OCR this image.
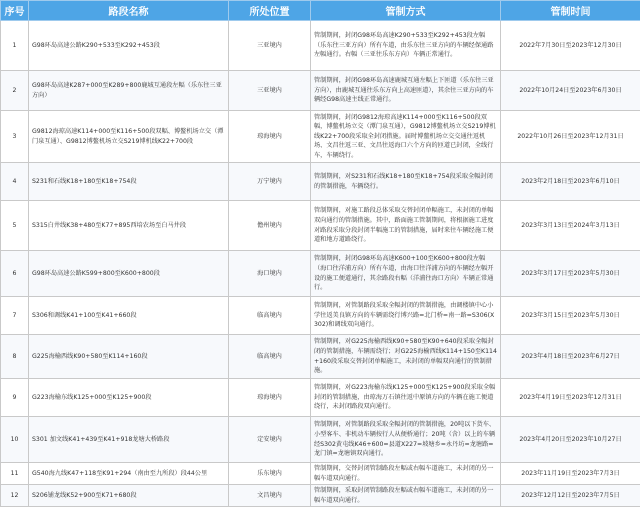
序号	路段名称	所处位置	管制方式	管制时间
1	G98环岛高速公路K290+533至K292+453段	三亚境内	管制期间，封闭G98环岛高速K290+533至K292+453段左幅（乐东往三亚方向）所有车道，由乐东往三亚方向的车辆经保通路左幅通行。右幅（三亚往乐东方向）车辆正常通行。	2022年7月30日至2023年12月30日
2	G98环岛高速K287+000至K289+800鹿城互通段左幅（乐东往三亚方向）	三亚境内	管制期间，封闭G98环岛高速鹿城互通左幅上下匝道（乐东往三亚方向），由鹿城互通往乐东方向上高速匝道），其余往三亚方向的车辆经G98高速主线正常通行。	2022年10月24日至2023年6月30日
3	G9812海琼高速K114+000至K116+500段双幅、博鳌机场立交（潭门泉互通）、G9812博鳌机场立交S219博机线K22+700段	琼海境内	管制期间，封闭G9812海琼高速K114+000至K116+500段双幅，博鳌机场立交（潭门泉互通），G9812博鳌机场立交S219博机线K22+700段采取全封闭措施。届时博鳌机场立交交通往返机场、文昌往返三亚、文昌往返海口六个方向的匝道已封闭，全线行车，车辆绕行。	2022年10月26日至2023年12月31日
4	S231和石线K18+180至K18+754段	万宁境内	管制期间，对S231和石线K18+180至K18+754段采取全幅封闭的管制措施，车辆绕行。	2023年2月18日至2023年6月10日
5	S315白井线K38+480至K77+895西培农场至白马井段	儋州境内	管制期间，对施工路段总体采取交替封闭单幅施工，未封闭的单幅双向通行的管制措施。其中，路面施工管制期间，将根据施工进度对路段采取分段封闭半幅施工的管制措施，届时来往车辆经施工便道和地方道路绕行。	2023年3月13日至2024年3月13日
6	G98环岛高速公路K599+800至K600+800段	海口境内	管制期间，封闭G98环岛高速K600+100至K600+800段左幅（海口往洋浦方向）所有车道，由海口往洋浦方向的车辆经左幅开设的施工便道通行，其余路段右幅（洋浦往海口方向）车辆正常通行。	2023年3月17日至2023年5月30日
7	S306和调线K41+100至K41+660段	临高境内	管制期间，对管制路段采取全幅封闭的管制措施，由调楼镇中心小学往返美良镇方向的车辆需绕行博兴路=北门桥=南一路=S306(X302)和调线双向通行。	2023年3月15日至2023年5月30日
8	G225海榆西线K90+580至K114+160段	临高境内	管制期间，对G225海榆西线K90+580至K90+640段采取全幅封闭的管制措施，车辆需绕行；对G225海榆西线K114+150至K114+160段采取交替封闭单幅施工，未封闭的单幅双向通行的管制措施。	2023年4月18日至2023年6月27日
9	G223海榆东线K125+000至K125+900段	琼海境内	管制期间，对G223海榆东线K125+000至K125+900段采取全幅封闭的管制措施，由琼海万石镇往返中原镇方向的车辆在施工便道绕行，未封闭路段双向通行。	2023年4月19日至2023年12月31日
10	S301 加文线K41+439至K41+918龙塘大桥路段	定安境内	管制期间，对管制路段采取全幅封闭的管制措施，20吨以下货车、小型客车、非机动车辆按行人从便桥通行；20吨（含）以上的车辆经S302黄屯线K46+600=县道X227=坡塘乡=永丹坊=龙塘路=龙门镇=龙塘镇双向通行。	2023年4月20日至2023年10月27日
11	G540海九线K47+118至K91+294（南由至九所段）段44公里	乐东境内	管制期间，交替封闭管制路段左幅或右幅车道施工，未封闭的另一幅车道双向通行。	2023年11月19日至2023年7月3日
12	S206铺龙线K52+900至K71+680段	文昌境内	管制期间，采取封闭管制路段左幅或右幅车道施工，未封闭的另一幅车道双向通行。	2023年12月12日至2023年7月5日
